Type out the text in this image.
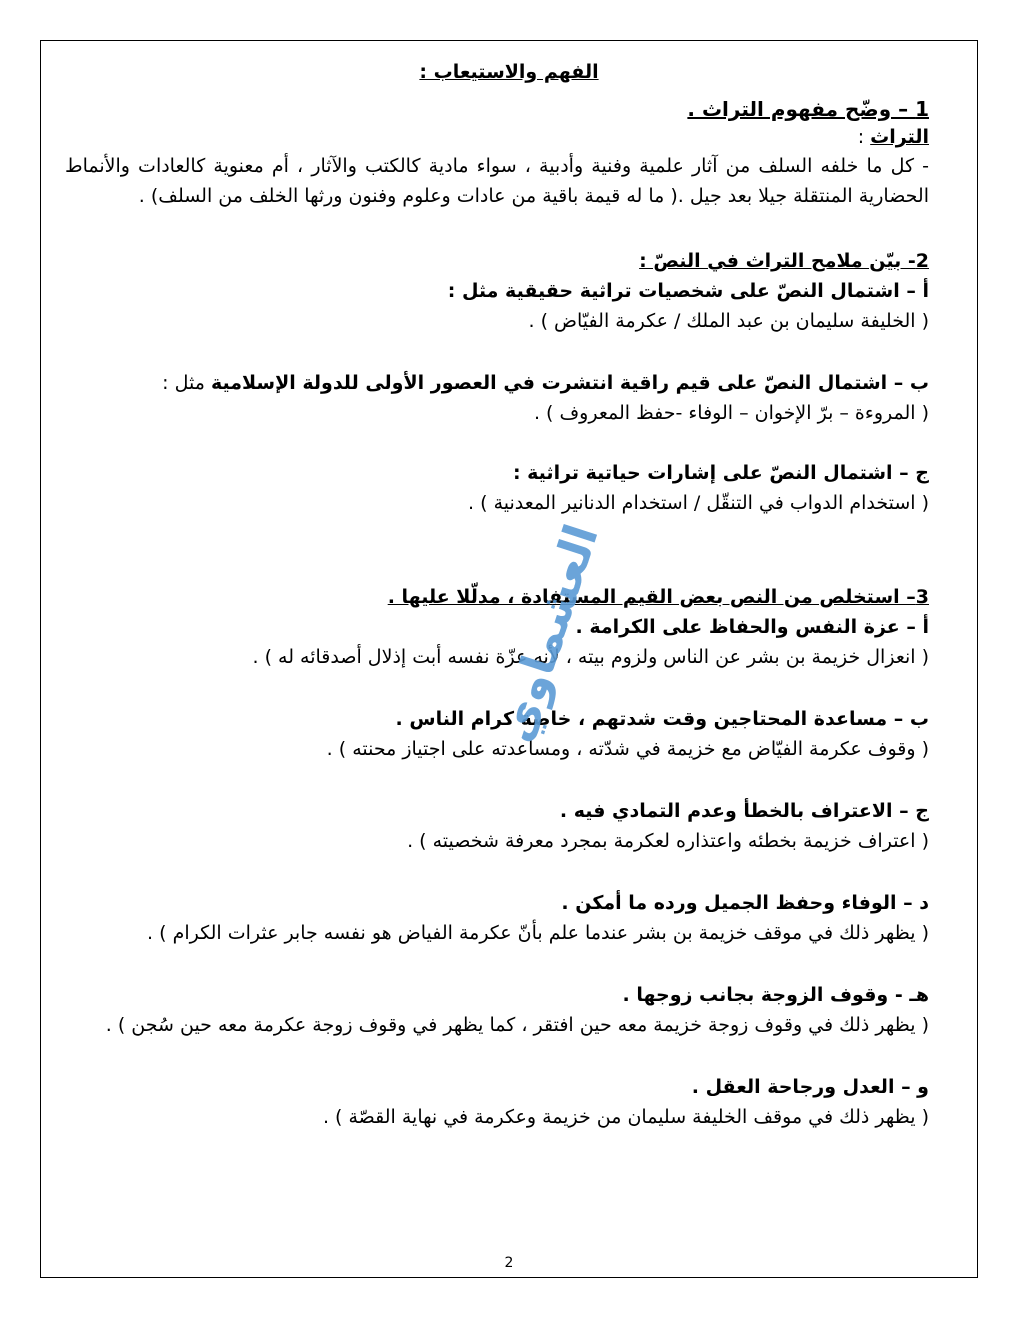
الفهم والاستيعاب :
1 – وضّح مفهوم التراث .
التراث :
- كل ما خلفه السلف من آثار علمية وفنية وأدبية ، سواء مادية كالكتب والآثار ، أم معنوية كالعادات والأنماط الحضارية المنتقلة جيلا بعد جيل .( ما له قيمة باقية من عادات وعلوم وفنون ورثها الخلف من السلف) .
2- بيّن ملامح التراث في النصّ :
أ – اشتمال النصّ على شخصيات تراثية حقيقية مثل :
( الخليفة سليمان بن عبد الملك / عكرمة الفيّاض ) .
ب – اشتمال النصّ على قيم راقية انتشرت في العصور الأولى للدولة الإسلامية مثل :
( المروءة – برّ الإخوان – الوفاء -حفظ المعروف ) .
ج – اشتمال النصّ على إشارات حياتية تراثية :
( استخدام الدواب في التنقّل / استخدام الدنانير المعدنية ) .
3– استخلص من النص بعض القيم المستفادة ، مدلّلا عليها .
أ – عزة النفس والحفاظ على الكرامة .
( انعزال خزيمة بن بشر عن الناس ولزوم بيته ، لأنه عزّة نفسه أبت إذلال أصدقائه له ) .
ب – مساعدة المحتاجين وقت شدتهم ، خاصة كرام الناس .
( وقوف عكرمة الفيّاض مع خزيمة في شدّته ، ومساعدته على اجتياز محنته ) .
ج – الاعتراف بالخطأ وعدم التمادي فيه .
( اعتراف خزيمة بخطئه واعتذاره لعكرمة بمجرد معرفة شخصيته ) .
د – الوفاء وحفظ الجميل ورده ما أمكن .
( يظهر ذلك في موقف خزيمة بن بشر عندما علم بأنّ عكرمة الفياض هو نفسه جابر عثرات الكرام ) .
هـ - وقوف الزوجة بجانب زوجها .
( يظهر ذلك في وقوف زوجة خزيمة معه حين افتقر ، كما يظهر في وقوف زوجة عكرمة معه حين سُجن ) .
و – العدل ورجاحة العقل .
( يظهر ذلك في موقف الخليفة سليمان من خزيمة وعكرمة في نهاية القصّة ) .
العشماوي
2
